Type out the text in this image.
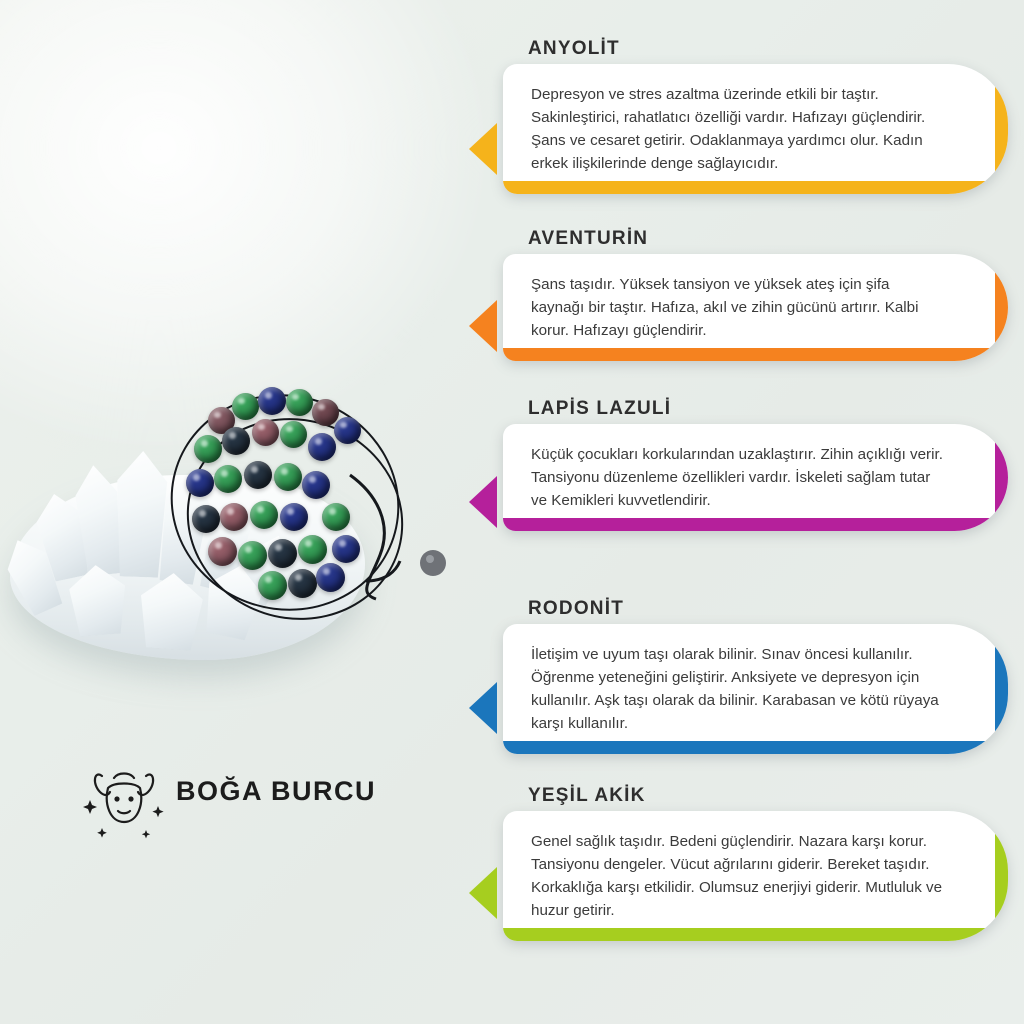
BOĞA BURCU
ANYOLİT
Depresyon ve stres azaltma üzerinde etkili bir taştır. Sakinleştirici, rahatlatıcı özelliği vardır. Hafızayı güçlendirir. Şans ve cesaret getirir. Odaklanmaya yardımcı olur. Kadın erkek ilişkilerinde denge sağlayıcıdır.
AVENTURİN
Şans taşıdır. Yüksek tansiyon ve yüksek ateş için şifa kaynağı bir taştır. Hafıza, akıl ve zihin gücünü artırır. Kalbi korur. Hafızayı güçlendirir.
LAPİS LAZULİ
Küçük çocukları korkularından uzaklaştırır. Zihin açıklığı verir. Tansiyonu düzenleme özellikleri vardır. İskeleti sağlam tutar ve Kemikleri kuvvetlendirir.
RODONİT
İletişim ve uyum taşı olarak bilinir. Sınav öncesi kullanılır. Öğrenme yeteneğini geliştirir. Anksiyete ve depresyon için kullanılır. Aşk taşı olarak da bilinir. Karabasan ve kötü rüyaya karşı kullanılır.
YEŞİL AKİK
Genel sağlık taşıdır. Bedeni güçlendirir. Nazara karşı korur. Tansiyonu dengeler. Vücut ağrılarını giderir. Bereket taşıdır. Korkaklığa karşı etkilidir. Olumsuz enerjiyi giderir. Mutluluk ve huzur getirir.
